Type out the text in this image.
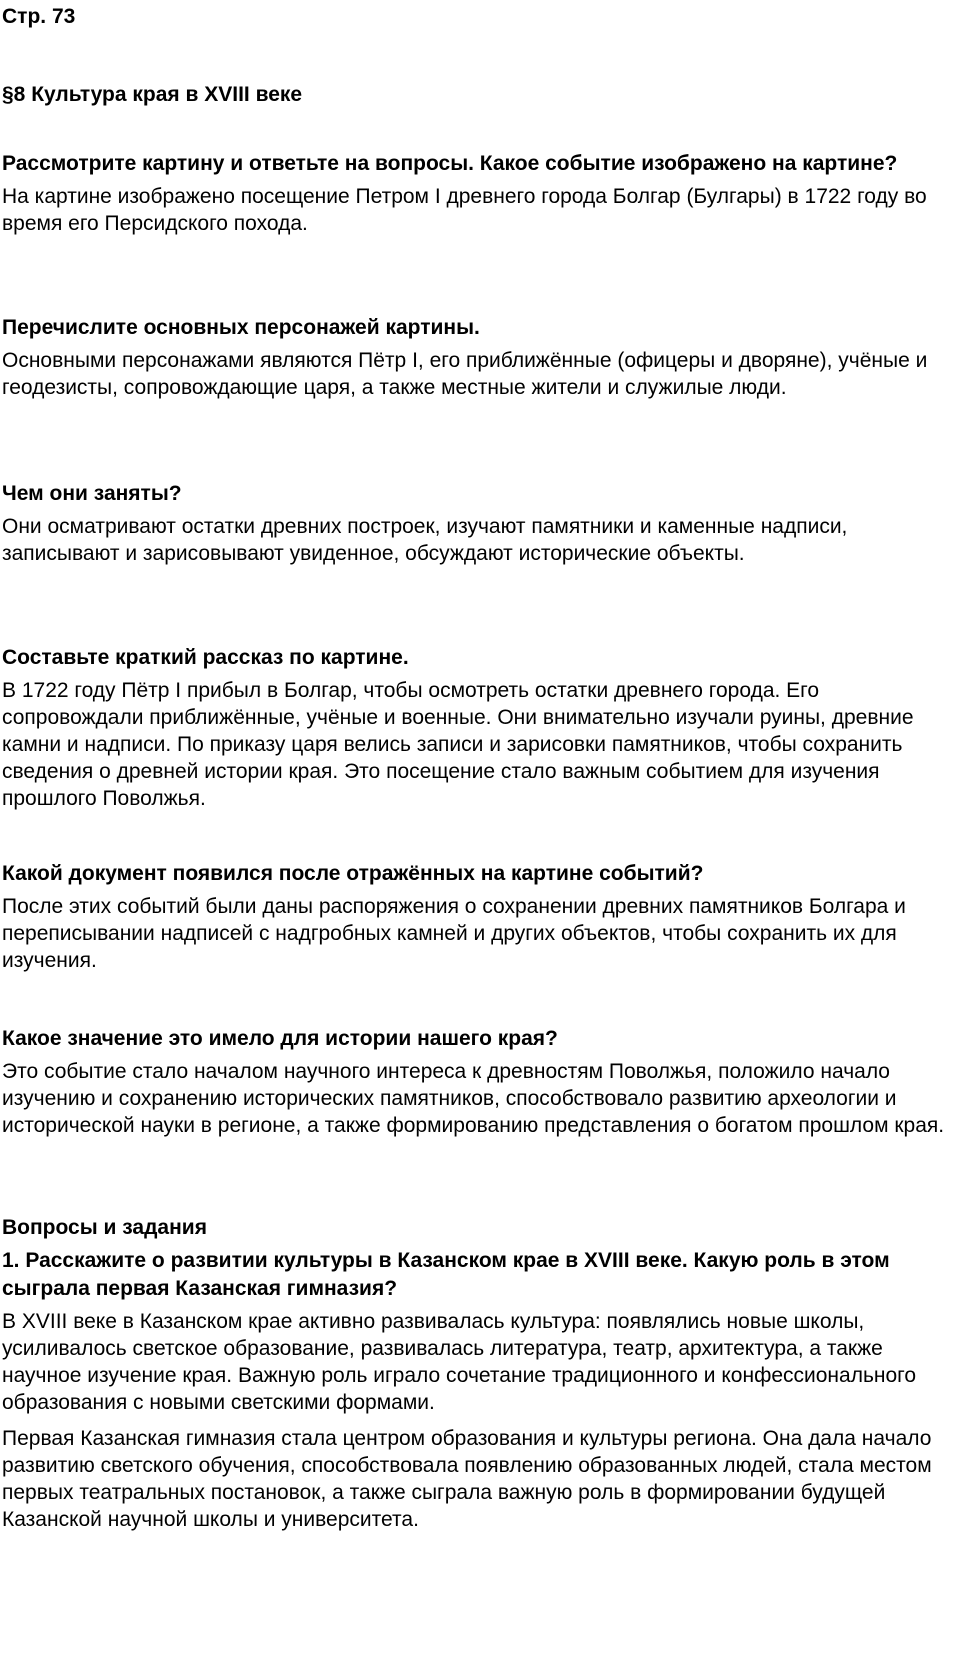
Стр. 73
§8 Культура края в XVIII веке

Рассмотрите картину и ответьте на вопросы. Какое событие изображено на картине?

На картине изображено посещение Петром I древнего города Болгар (Булгары) в 1722 году во время его Персидского похода.

Перечислите основных персонажей картины.

Основными персонажами являются Пётр I, его приближённые (офицеры и дворяне), учёные и геодезисты, сопровождающие царя, а также местные жители и служилые люди.

Чем они заняты?

Они осматривают остатки древних построек, изучают памятники и каменные надписи, записывают и зарисовывают увиденное, обсуждают исторические объекты.

Составьте краткий рассказ по картине.

В 1722 году Пётр I прибыл в Болгар, чтобы осмотреть остатки древнего города. Его сопровождали приближённые, учёные и военные. Они внимательно изучали руины, древние камни и надписи. По приказу царя велись записи и зарисовки памятников, чтобы сохранить сведения о древней истории края. Это посещение стало важным событием для изучения прошлого Поволжья.

Какой документ появился после отражённых на картине событий?

После этих событий были даны распоряжения о сохранении древних памятников Болгара и переписывании надписей с надгробных камней и других объектов, чтобы сохранить их для изучения.

Какое значение это имело для истории нашего края?

Это событие стало началом научного интереса к древностям Поволжья, положило начало изучению и сохранению исторических памятников, способствовало развитию археологии и исторической науки в регионе, а также формированию представления о богатом прошлом края.

Вопросы и задания

1. Расскажите о развитии культуры в Казанском крае в XVIII веке. Какую роль в этом сыграла первая Казанская гимназия?

В XVIII веке в Казанском крае активно развивалась культура: появлялись новые школы, усиливалось светское образование, развивалась литература, театр, архитектура, а также научное изучение края. Важную роль играло сочетание традиционного и конфессионального образования с новыми светскими формами.

Первая Казанская гимназия стала центром образования и культуры региона. Она дала начало развитию светского обучения, способствовала появлению образованных людей, стала местом первых театральных постановок, а также сыграла важную роль в формировании будущей Казанской научной школы и университета.
